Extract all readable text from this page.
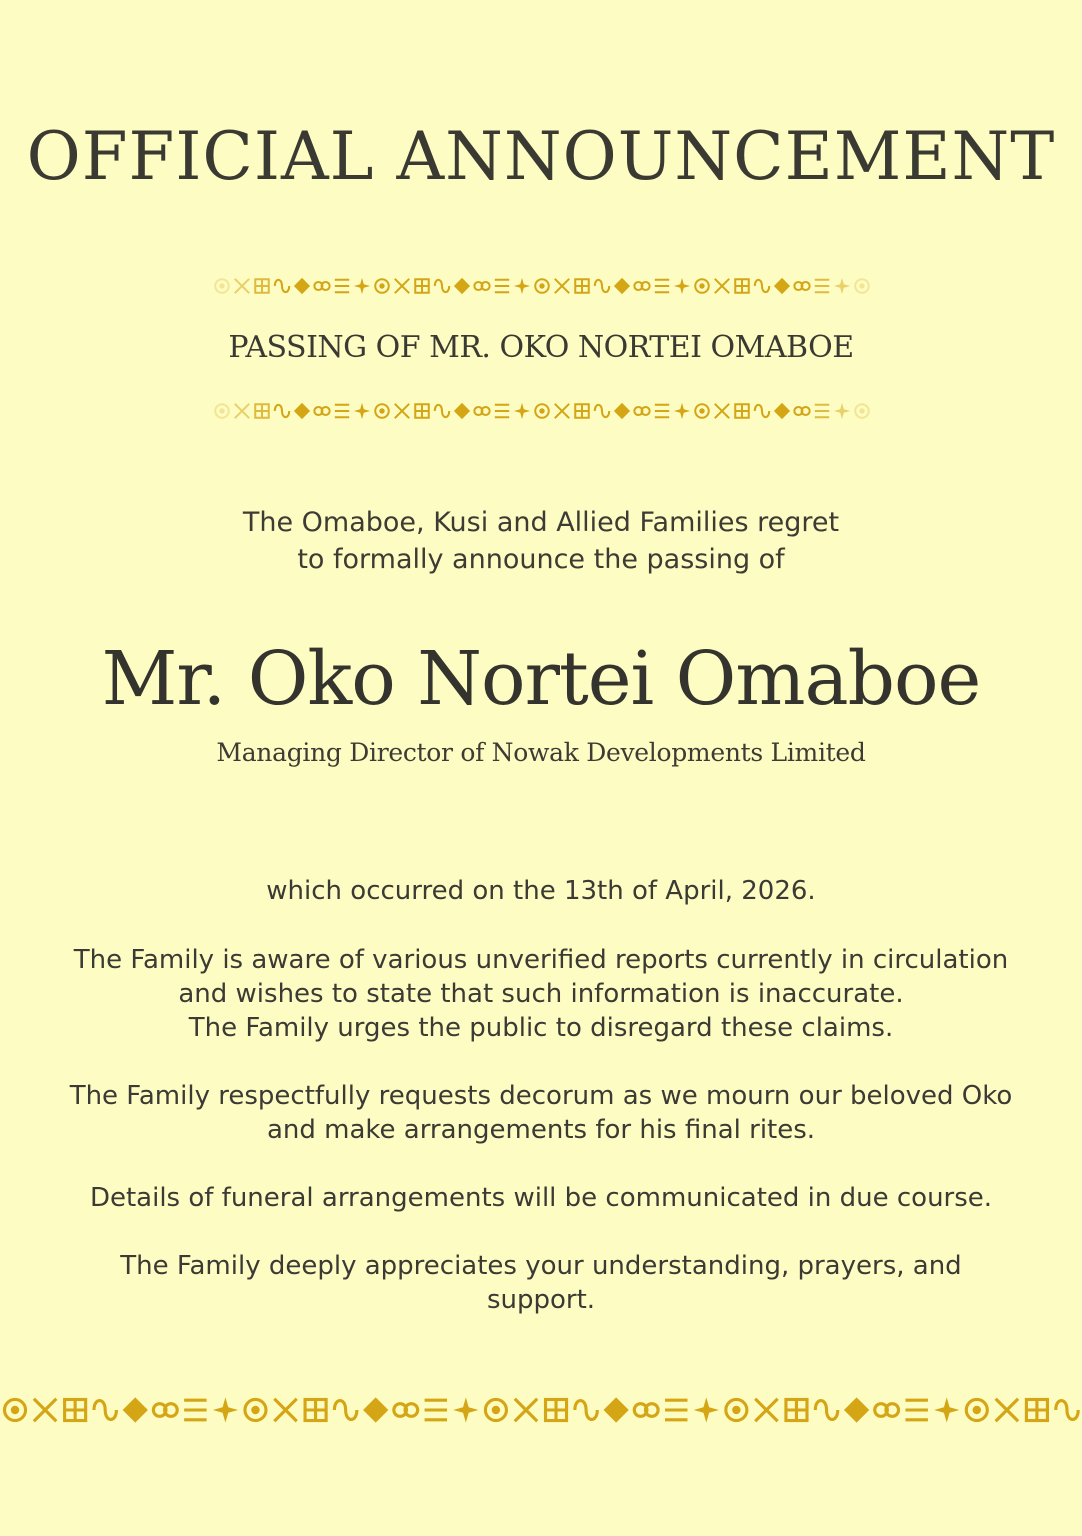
OFFICIAL ANNOUNCEMENT
PASSING OF MR. OKO NORTEI OMABOE
The Omaboe, Kusi and Allied Families regret
to formally announce the passing of
Mr. Oko Nortei Omaboe
Managing Director of Nowak Developments Limited
which occurred on the 13th of April, 2026.
The Family is aware of various unverified reports currently in circulation
and wishes to state that such information is inaccurate.
The Family urges the public to disregard these claims.
The Family respectfully requests decorum as we mourn our beloved Oko
and make arrangements for his final rites.
Details of funeral arrangements will be communicated in due course.
The Family deeply appreciates your understanding, prayers, and
support.
